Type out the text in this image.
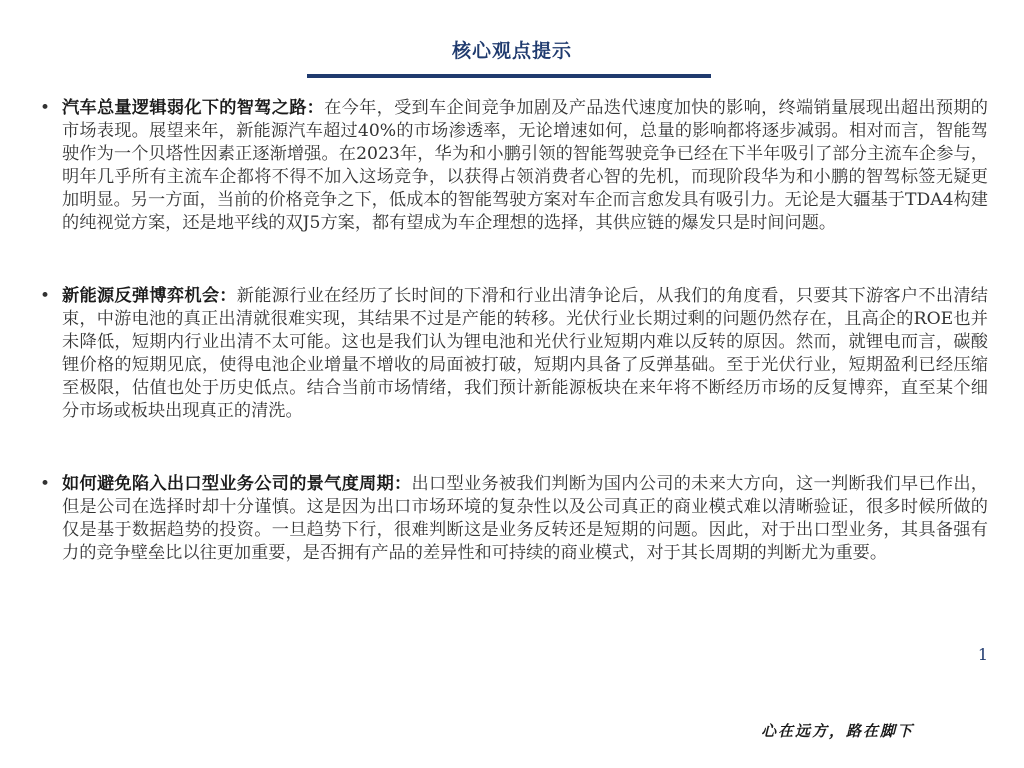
核心观点提示
• 汽车总量逻辑弱化下的智驾之路：在今年，受到车企间竞争加剧及产品迭代速度加快的影响，终端销量展现出超出预期的市场表现。展望来年，新能源汽车超过40%的市场渗透率，无论增速如何，总量的影响都将逐步减弱。相对而言，智能驾驶作为一个贝塔性因素正逐渐增强。在2023年，华为和小鹏引领的智能驾驶竞争已经在下半年吸引了部分主流车企参与，明年几乎所有主流车企都将不得不加入这场竞争，以获得占领消费者心智的先机，而现阶段华为和小鹏的智驾标签无疑更加明显。另一方面，当前的价格竞争之下，低成本的智能驾驶方案对车企而言愈发具有吸引力。无论是大疆基于TDA4构建的纯视觉方案，还是地平线的双J5方案，都有望成为车企理想的选择，其供应链的爆发只是时间问题。
• 新能源反弹博弈机会：新能源行业在经历了长时间的下滑和行业出清争论后，从我们的角度看，只要其下游客户不出清结束，中游电池的真正出清就很难实现，其结果不过是产能的转移。光伏行业长期过剩的问题仍然存在，且高企的ROE也并未降低，短期内行业出清不太可能。这也是我们认为锂电池和光伏行业短期内难以反转的原因。然而，就锂电而言，碳酸锂价格的短期见底，使得电池企业增量不增收的局面被打破，短期内具备了反弹基础。至于光伏行业，短期盈利已经压缩至极限，估值也处于历史低点。结合当前市场情绪，我们预计新能源板块在来年将不断经历市场的反复博弈，直至某个细分市场或板块出现真正的清洗。
• 如何避免陷入出口型业务公司的景气度周期：出口型业务被我们判断为国内公司的未来大方向，这一判断我们早已作出，但是公司在选择时却十分谨慎。这是因为出口市场环境的复杂性以及公司真正的商业模式难以清晰验证，很多时候所做的仅是基于数据趋势的投资。一旦趋势下行，很难判断这是业务反转还是短期的问题。因此，对于出口型业务，其具备强有力的竞争壁垒比以往更加重要，是否拥有产品的差异性和可持续的商业模式，对于其长周期的判断尤为重要。
1
心在远方，路在脚下
